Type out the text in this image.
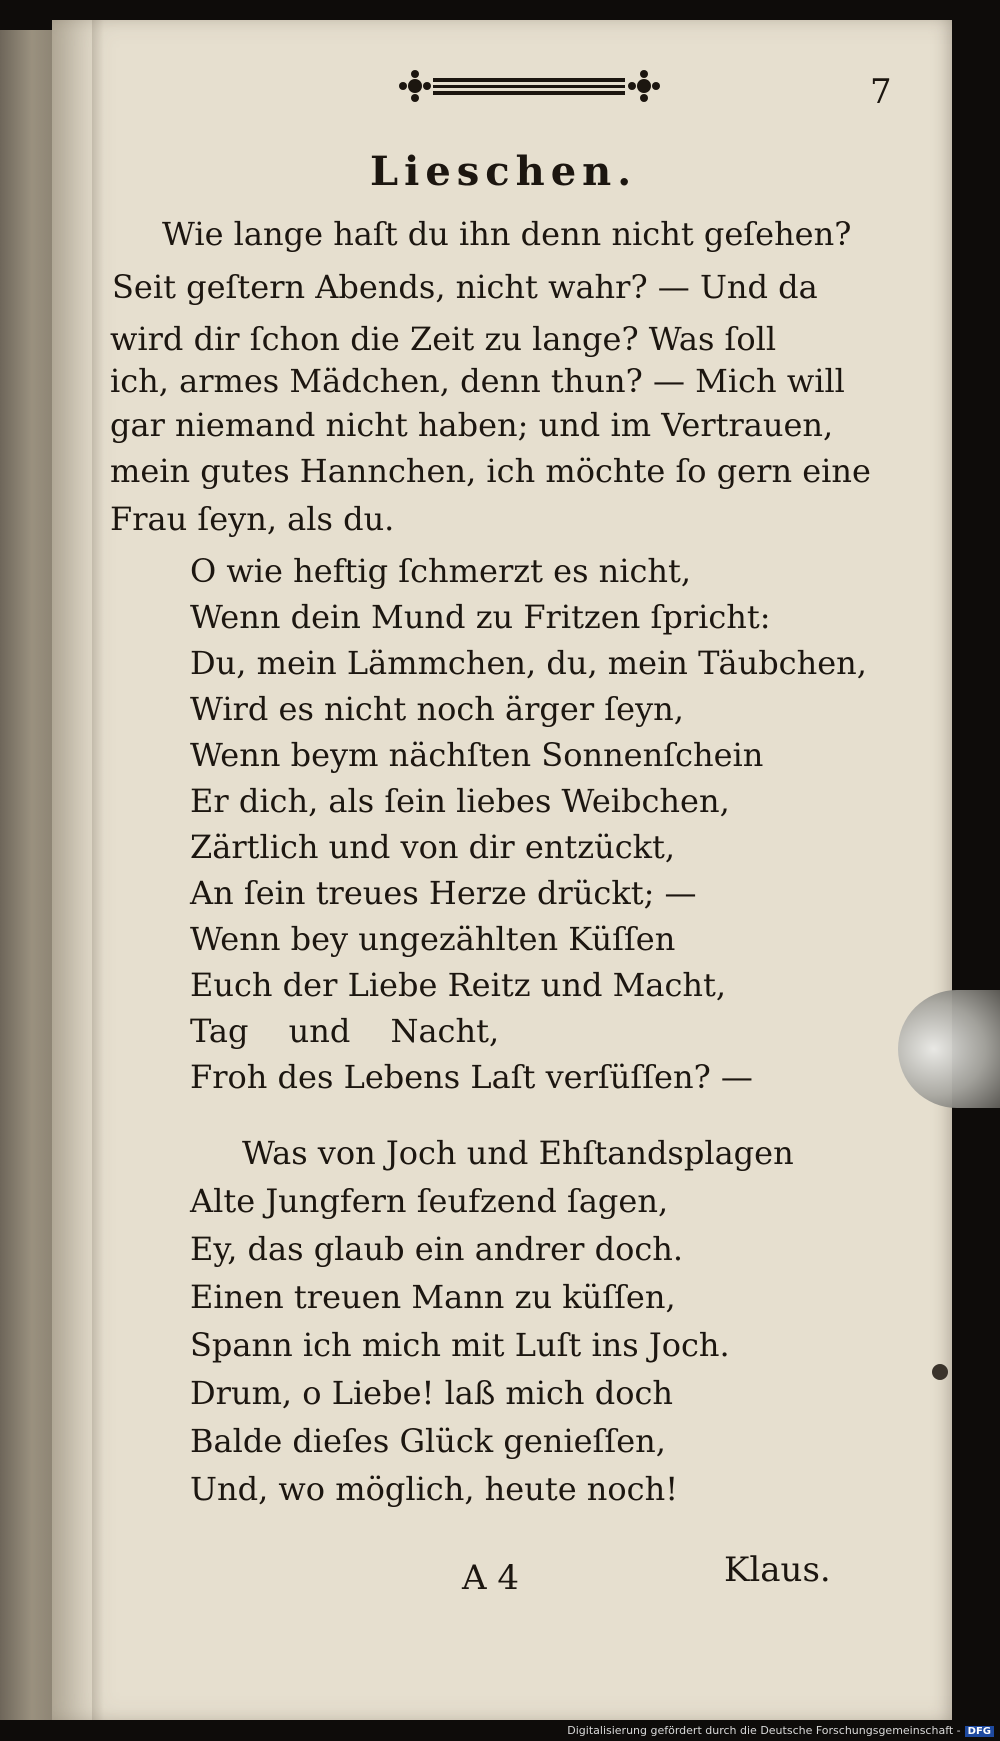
7
Lieschen.
Wie lange haſt du ihn denn nicht geſehen?
Seit geſtern Abends, nicht wahr? — Und da
wird dir ſchon die Zeit zu lange? Was ſoll
ich, armes Mädchen, denn thun? — Mich will
gar niemand nicht haben; und im Vertrauen,
mein gutes Hannchen, ich möchte ſo gern eine
Frau ſeyn, als du.
O wie heftig ſchmerzt es nicht,
Wenn dein Mund zu Fritzen ſpricht:
Du, mein Lämmchen, du, mein Täubchen,
Wird es nicht noch ärger ſeyn,
Wenn beym nächſten Sonnenſchein
Er dich, als ſein liebes Weibchen,
Zärtlich und von dir entzückt,
An ſein treues Herze drückt; —
Wenn bey ungezählten Küſſen
Euch der Liebe Reitz und Macht,
Tag und Nacht,
Froh des Lebens Laſt verſüſſen? —
Was von Joch und Ehſtandsplagen
Alte Jungfern ſeufzend ſagen,
Ey, das glaub ein andrer doch.
Einen treuen Mann zu küſſen,
Spann ich mich mit Luſt ins Joch.
Drum, o Liebe! laß mich doch
Balde dieſes Glück genieſſen,
Und, wo möglich, heute noch!
A 4	Klaus.
Digitalisierung gefördert durch die Deutsche Forschungsgemeinschaft - DFG
